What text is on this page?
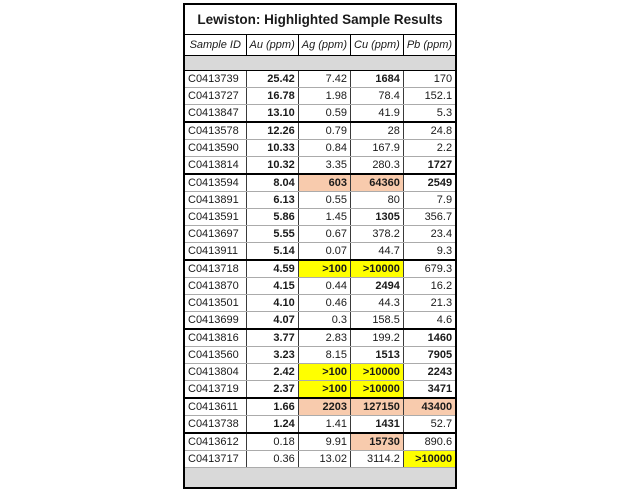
Lewiston: Highlighted Sample Results				
Sample ID	Au (ppm)	Ag (ppm)	Cu (ppm)	Pb (ppm)

C0413739	25.42	7.42	1684	170
C0413727	16.78	1.98	78.4	152.1
C0413847	13.10	0.59	41.9	5.3
C0413578	12.26	0.79	28	24.8
C0413590	10.33	0.84	167.9	2.2
C0413814	10.32	3.35	280.3	1727
C0413594	8.04	603	64360	2549
C0413891	6.13	0.55	80	7.9
C0413591	5.86	1.45	1305	356.7
C0413697	5.55	0.67	378.2	23.4
C0413911	5.14	0.07	44.7	9.3
C0413718	4.59	>100	>10000	679.3
C0413870	4.15	0.44	2494	16.2
C0413501	4.10	0.46	44.3	21.3
C0413699	4.07	0.3	158.5	4.6
C0413816	3.77	2.83	199.2	1460
C0413560	3.23	8.15	1513	7905
C0413804	2.42	>100	>10000	2243
C0413719	2.37	>100	>10000	3471
C0413611	1.66	2203	127150	43400
C0413738	1.24	1.41	1431	52.7
C0413612	0.18	9.91	15730	890.6
C0413717	0.36	13.02	3114.2	>10000
